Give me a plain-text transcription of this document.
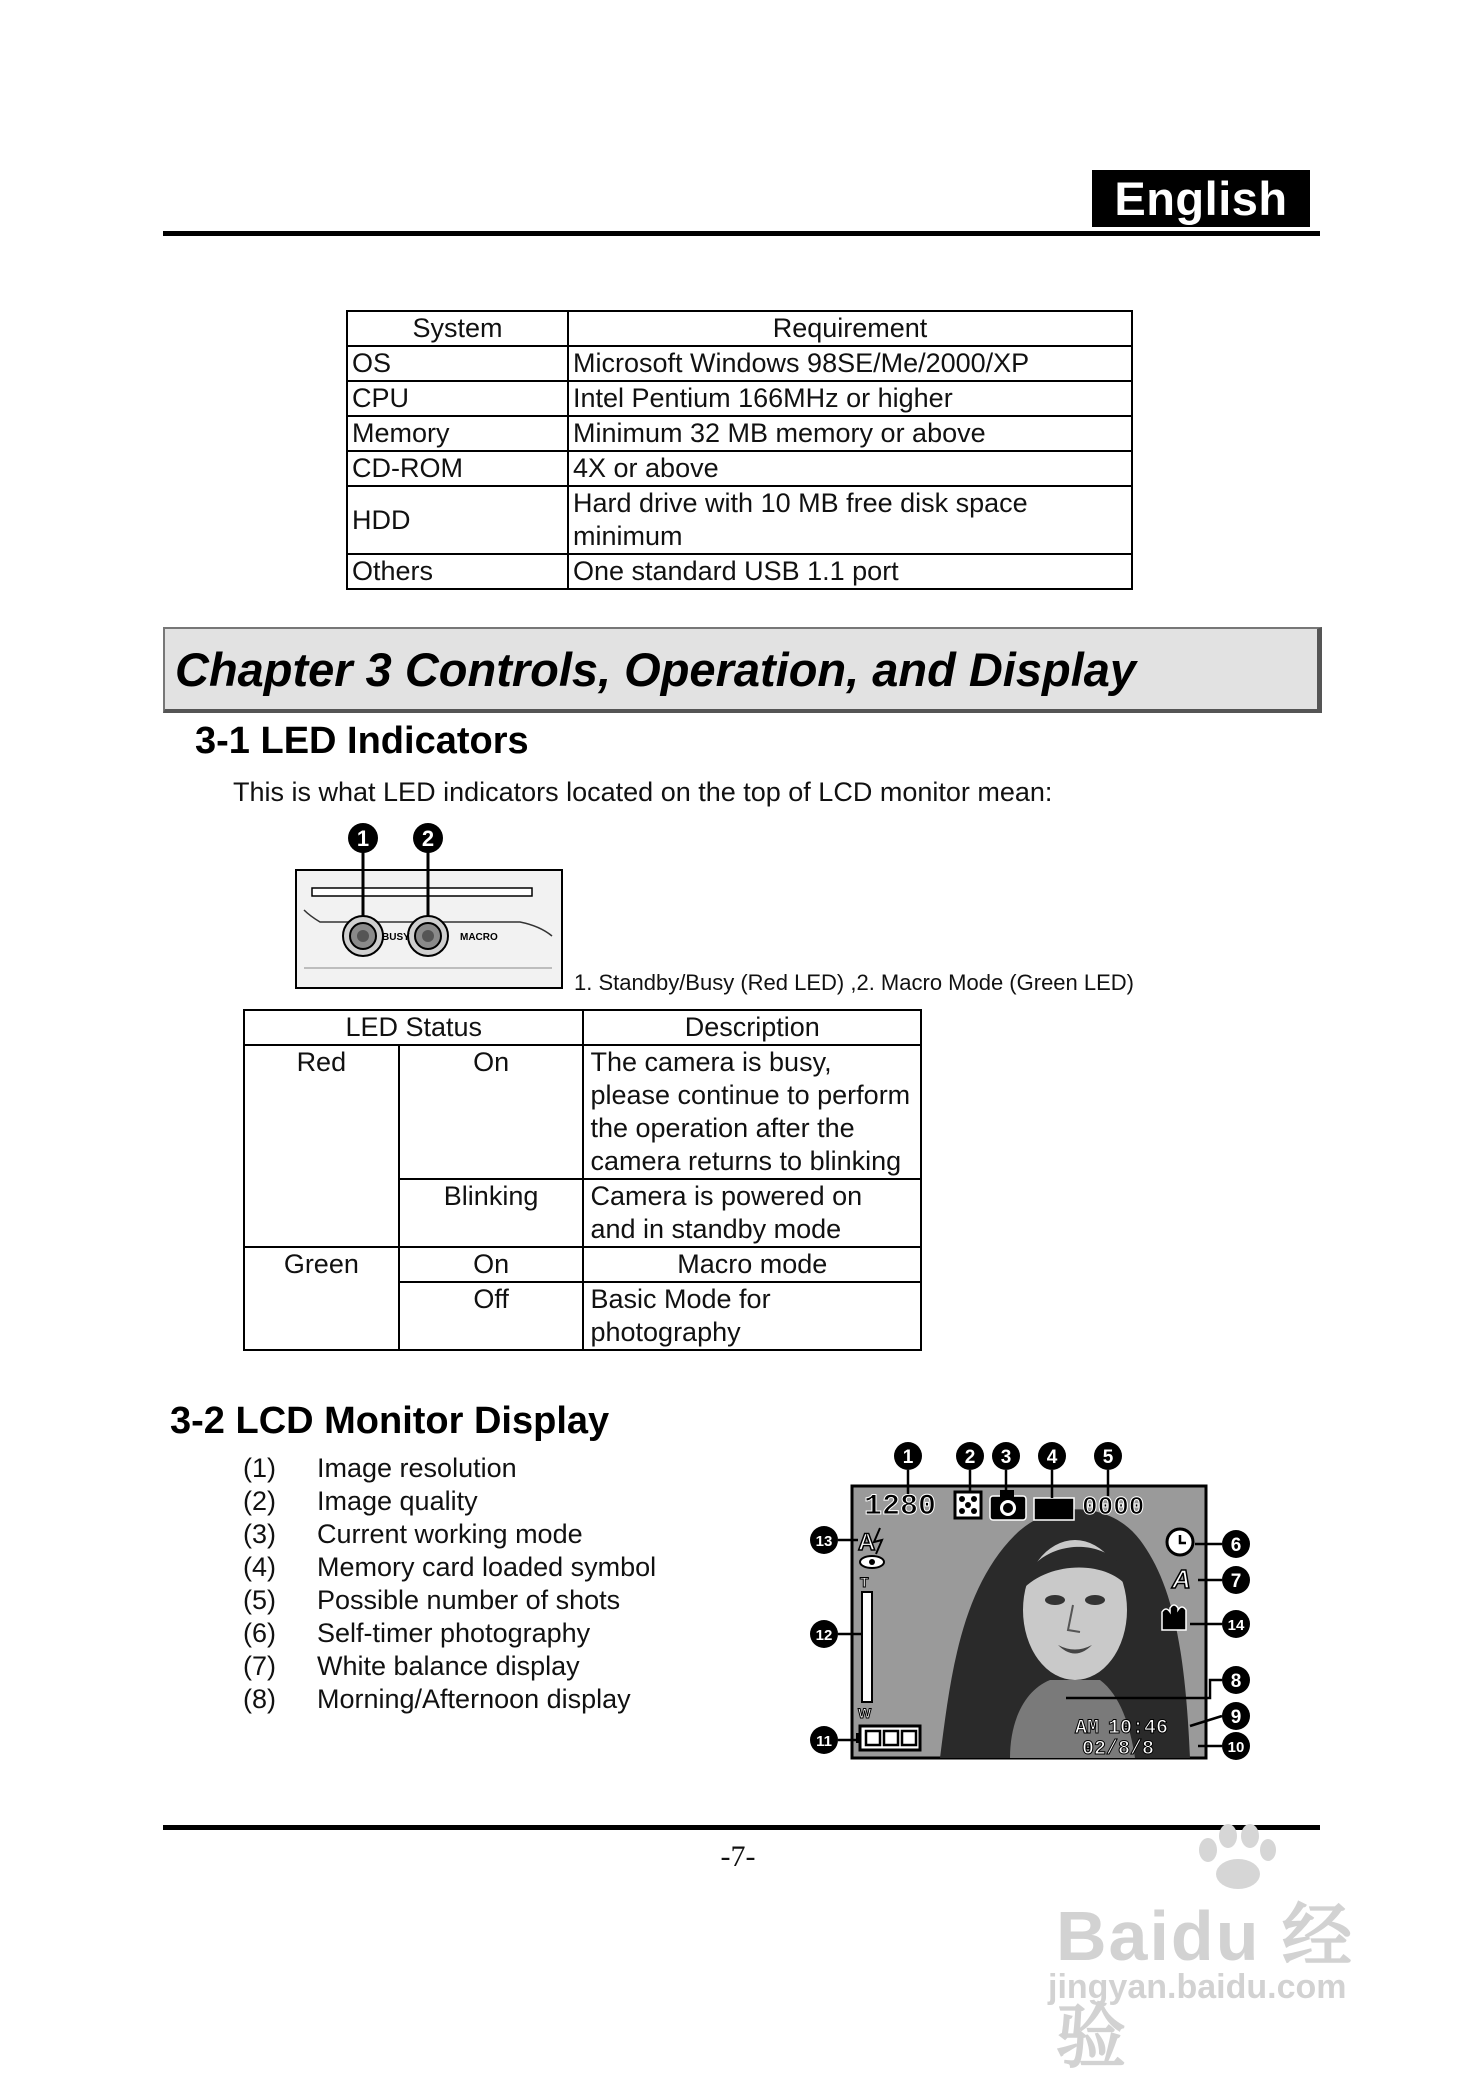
English
System	Requirement
OS	Microsoft Windows 98SE/Me/2000/XP
CPU	Intel Pentium 166MHz or higher
Memory	Minimum 32 MB memory or above
CD-ROM	4X or above
HDD	Hard drive with 10 MB free disk space minimum
Others	One standard USB 1.1 port
Chapter 3 Controls, Operation, and Display
3-1 LED Indicators
This is what LED indicators located on the top of LCD monitor mean:
BUSY	MACRO
1 2
1. Standby/Busy (Red LED) ,2. Macro Mode (Green LED)
LED Status		Description
Red	On	The camera is busy, please continue to perform the operation after the camera returns to blinking
	Blinking	Camera is powered on and in standby mode
Green	On	Macro mode
	Off	Basic Mode for photography
3-2 LCD Monitor Display
(1)	Image resolution
(2)	Image quality
(3)	Current working mode
(4)	Memory card loaded symbol
(5)	Possible number of shots
(6)	Self-timer photography
(7)	White balance display
(8)	Morning/Afternoon display
1280	0000
A
T
W
A
AM 10:46
02/8/8
1	2 3 4 5
6
7
14
8
9
10
13
12
11
-7-
Baidu 经验
jingyan.baidu.com
